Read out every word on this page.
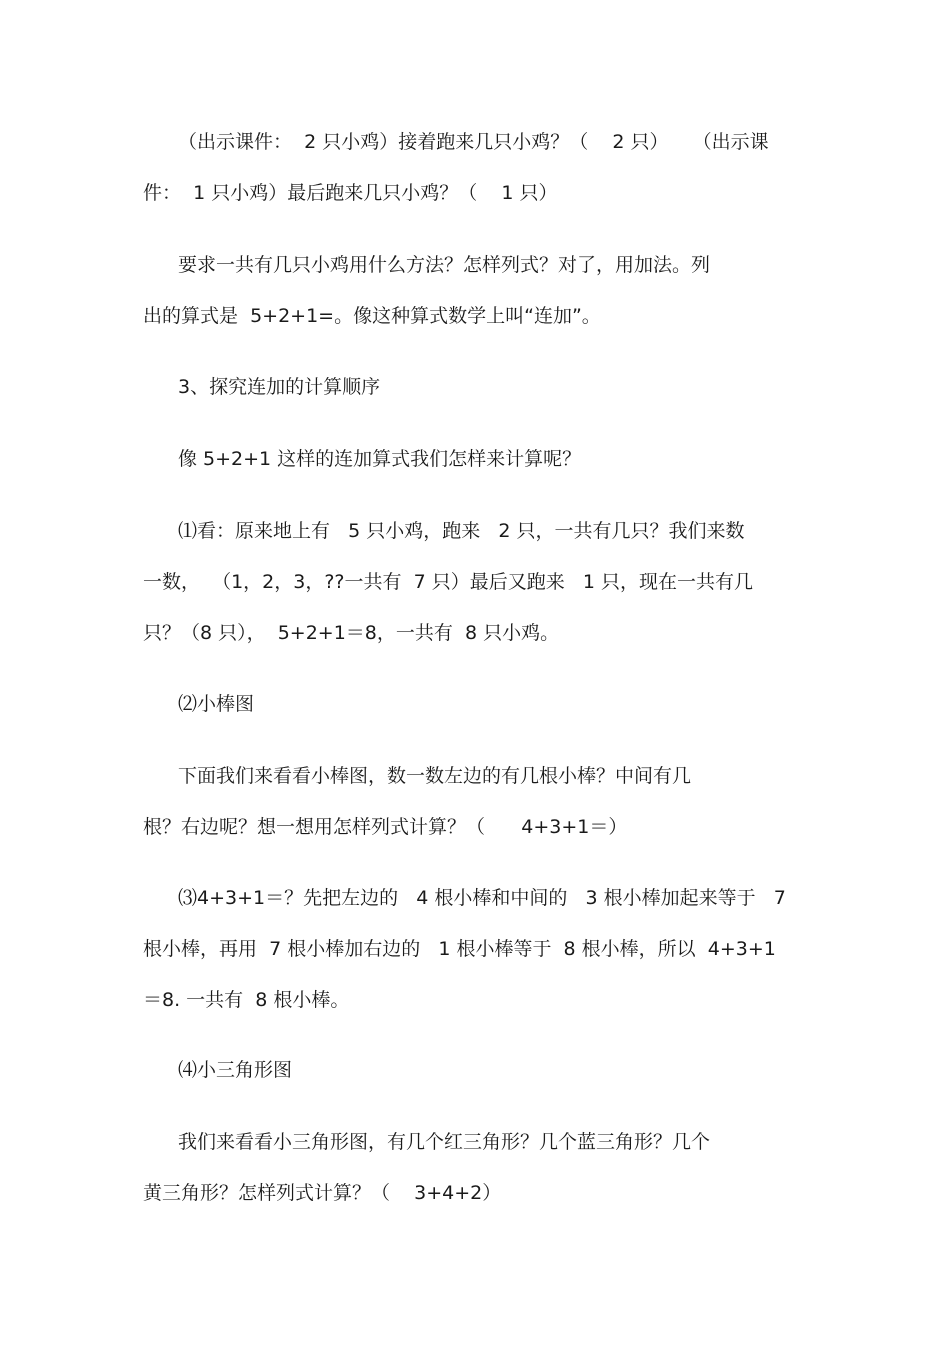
（出示课件：  2 只小鸡）接着跑来几只小鸡？（    2 只）    （出示课

件：  1 只小鸡）最后跑来几只小鸡？（    1 只）

要求一共有几只小鸡用什么方法？怎样列式？对了，用加法。列

出的算式是  5+2+1=。像这种算式数学上叫“连加”。

3、探究连加的计算顺序

像 5+2+1 这样的连加算式我们怎样来计算呢？

⑴看：原来地上有   5 只小鸡，跑来   2 只，一共有几只？我们来数

一数，  （1，2，3，??一共有  7 只）最后又跑来   1 只，现在一共有几

只？（8 只），  5+2+1＝8，一共有  8 只小鸡。

⑵小棒图

下面我们来看看小棒图，数一数左边的有几根小棒？中间有几

根？右边呢？想一想用怎样列式计算？（      4+3+1＝）

⑶4+3+1＝？先把左边的   4 根小棒和中间的   3 根小棒加起来等于   7

根小棒，再用  7 根小棒加右边的   1 根小棒等于  8 根小棒，所以  4+3+1

＝8. 一共有  8 根小棒。

⑷小三角形图

我们来看看小三角形图，有几个红三角形？几个蓝三角形？几个

黄三角形？怎样列式计算？（    3+4+2）
